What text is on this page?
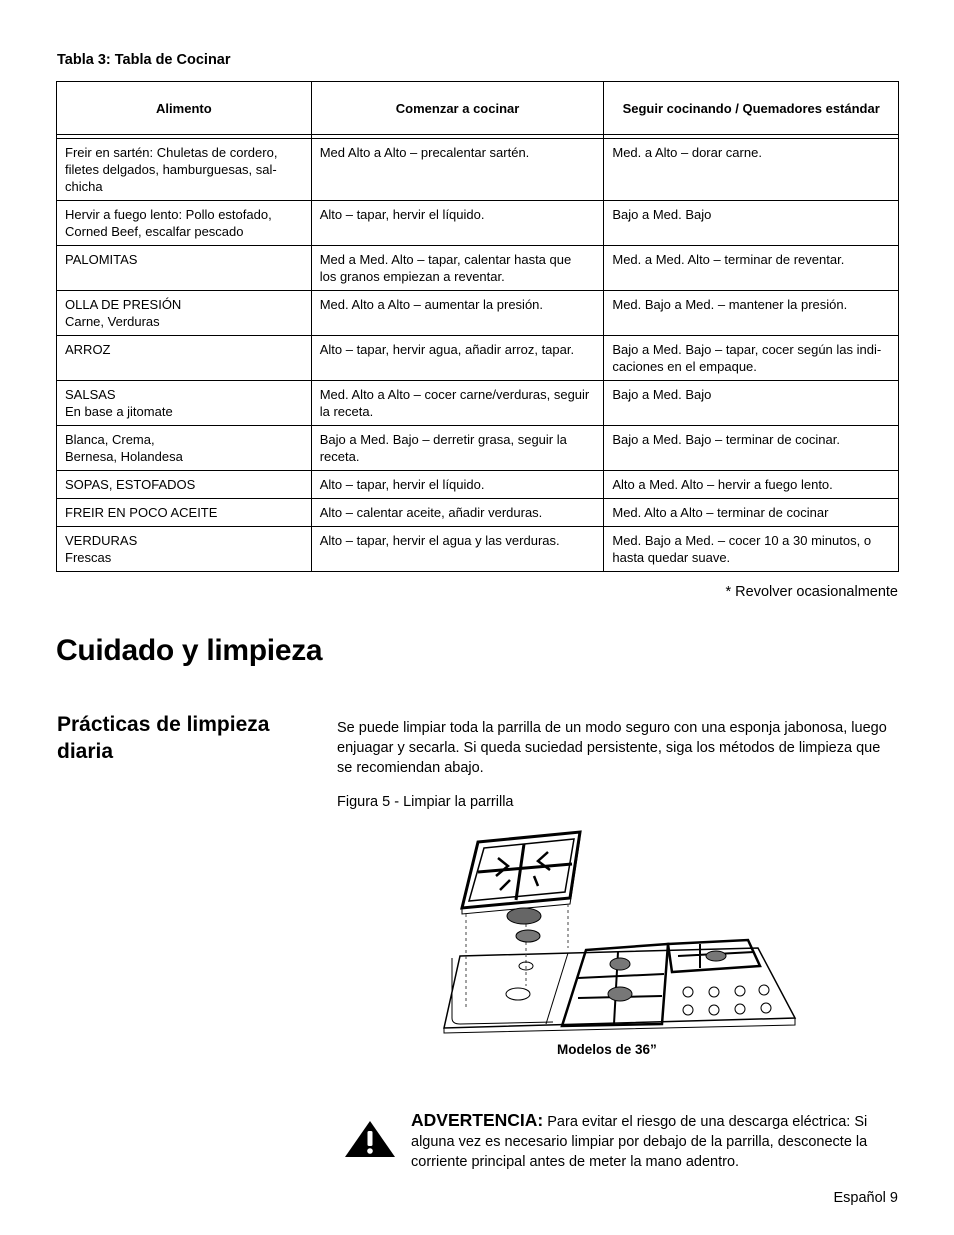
Tabla 3: Tabla de Cocinar
Alimento	Comenzar a cocinar	Seguir cocinando / Quemadores estándar

Freir en sartén: Chuletas de cordero,
filetes delgados, hamburguesas, sal-
chicha	Med Alto a Alto – precalentar sartén.	Med. a Alto – dorar carne.

Hervir a fuego lento: Pollo estofado,
Corned Beef, escalfar pescado	Alto – tapar, hervir el líquido.	Bajo a Med. Bajo

PALOMITAS	Med a Med. Alto – tapar, calentar hasta que
los granos empiezan a reventar.	Med. a Med. Alto – terminar de reventar.

OLLA DE PRESIÓN
Carne, Verduras	Med. Alto a Alto – aumentar la presión.	Med. Bajo a Med. – mantener la presión.

ARROZ	Alto – tapar, hervir agua, añadir arroz, tapar.	Bajo a Med. Bajo – tapar, cocer según las indi-
caciones en el empaque.

SALSAS
En base a jitomate	Med. Alto a Alto – cocer carne/verduras, seguir
la receta.	Bajo a Med. Bajo

Blanca, Crema,
Bernesa, Holandesa	Bajo a Med. Bajo – derretir grasa, seguir la
receta.	Bajo a Med. Bajo – terminar de cocinar.

SOPAS, ESTOFADOS	Alto – tapar, hervir el líquido.	Alto a Med. Alto – hervir a fuego lento.

FREIR EN POCO ACEITE	Alto – calentar aceite, añadir verduras.	Med. Alto a Alto – terminar de cocinar

VERDURAS
Frescas	Alto – tapar, hervir el agua y las verduras.	Med. Bajo a Med. – cocer 10 a 30 minutos, o
hasta quedar suave.
* Revolver ocasionalmente
Cuidado y limpieza
Prácticas de limpieza diaria

Se puede limpiar toda la parrilla de un modo seguro con una esponja jabonosa, luego enjuagar y secarla. Si queda suciedad persistente, siga los métodos de limpieza que se recomiendan abajo.

Figura 5 - Limpiar la parrilla
Modelos de 36”

ADVERTENCIA: Para evitar el riesgo de una descarga eléctrica: Si alguna vez es necesario limpiar por debajo de la parrilla, desconecte la corriente principal antes de meter la mano adentro.

Español 9
